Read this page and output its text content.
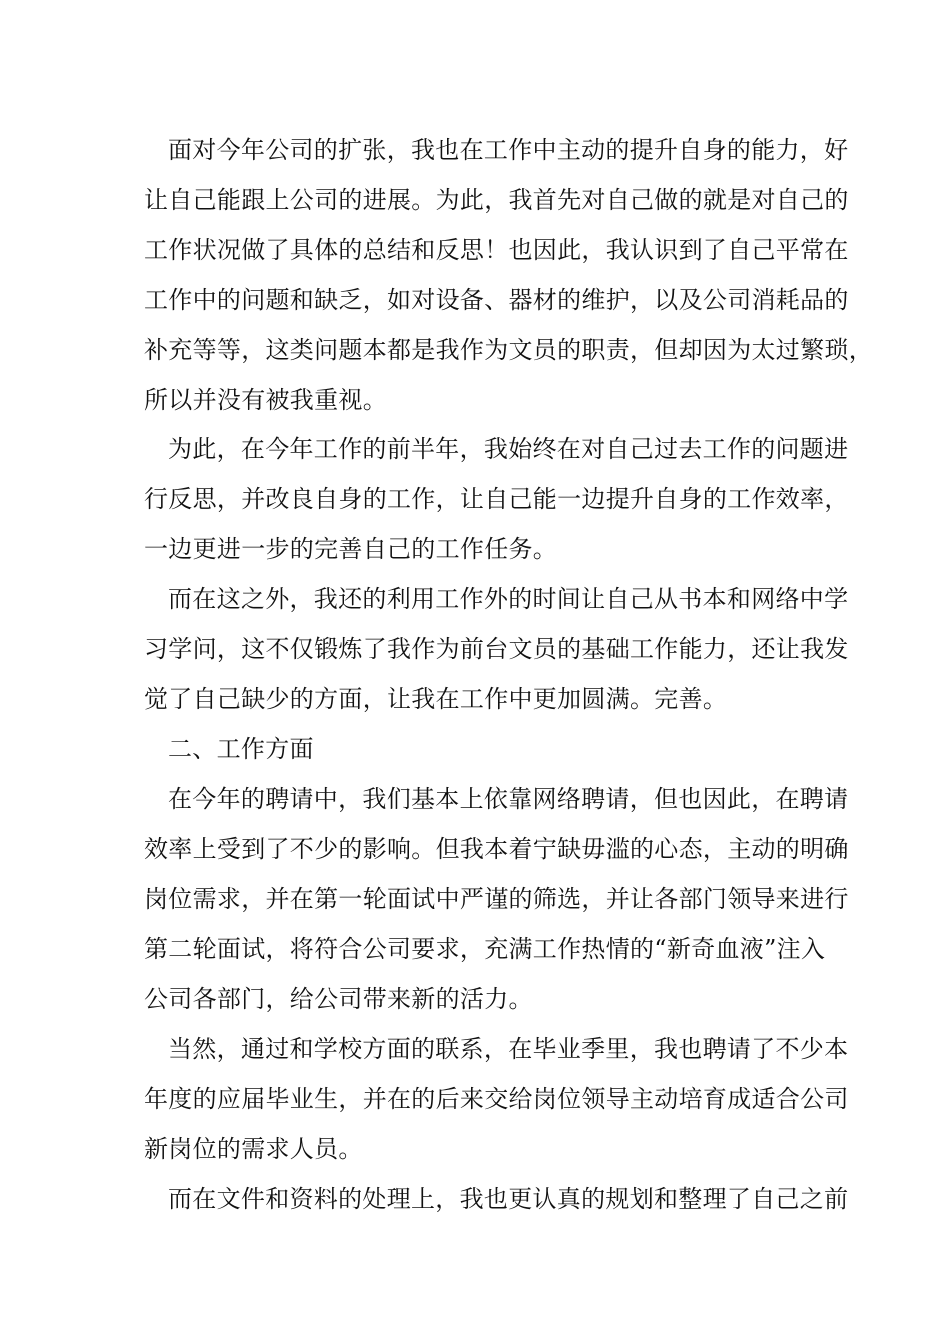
面对今年公司的扩张，我也在工作中主动的提升自身的能力，好
让自己能跟上公司的进展。为此，我首先对自己做的就是对自己的
工作状况做了具体的总结和反思！也因此，我认识到了自己平常在
工作中的问题和缺乏，如对设备、器材的维护，以及公司消耗品的
补充等等，这类问题本都是我作为文员的职责，但却因为太过繁琐，
所以并没有被我重视。
为此，在今年工作的前半年，我始终在对自己过去工作的问题进
行反思，并改良自身的工作，让自己能一边提升自身的工作效率，
一边更进一步的完善自己的工作任务。
而在这之外，我还的利用工作外的时间让自己从书本和网络中学
习学问，这不仅锻炼了我作为前台文员的基础工作能力，还让我发
觉了自己缺少的方面，让我在工作中更加圆满。完善。
二、工作方面
在今年的聘请中，我们基本上依靠网络聘请，但也因此，在聘请
效率上受到了不少的影响。但我本着宁缺毋滥的心态，主动的明确
岗位需求，并在第一轮面试中严谨的筛选，并让各部门领导来进行
第二轮面试，将符合公司要求，充满工作热情的“新奇血液”注入
公司各部门，给公司带来新的活力。
当然，通过和学校方面的联系，在毕业季里，我也聘请了不少本
年度的应届毕业生，并在的后来交给岗位领导主动培育成适合公司
新岗位的需求人员。
而在文件和资料的处理上，我也更认真的规划和整理了自己之前
